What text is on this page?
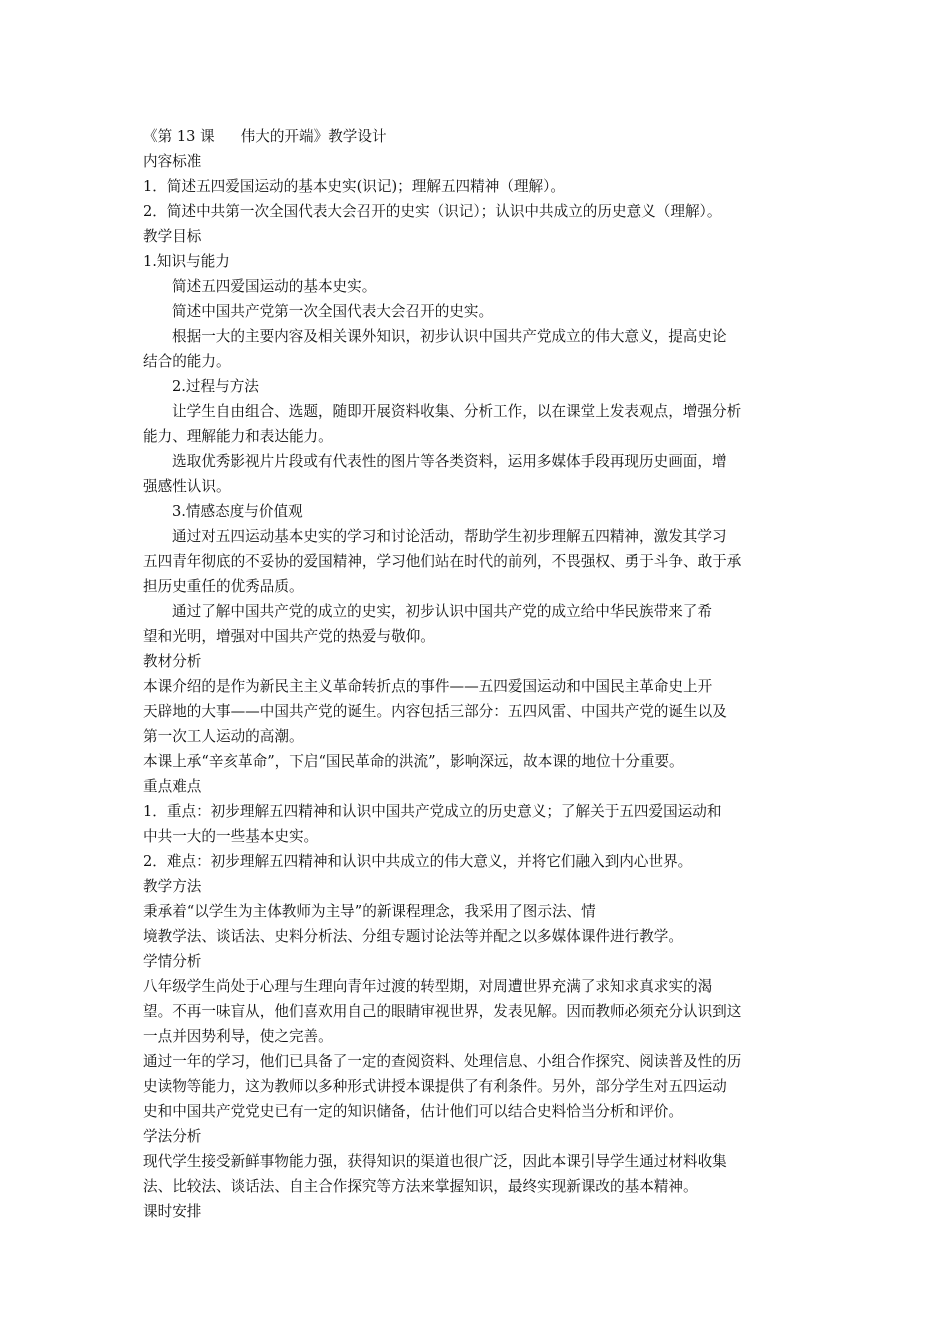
《第 13 课 伟大的开端》教学设计
内容标准
1．简述五四爱国运动的基本史实(识记)；理解五四精神（理解）。
2．简述中共第一次全国代表大会召开的史实（识记）；认识中共成立的历史意义（理解）。
教学目标
1.知识与能力
简述五四爱国运动的基本史实。
简述中国共产党第一次全国代表大会召开的史实。
根据一大的主要内容及相关课外知识，初步认识中国共产党成立的伟大意义，提高史论
结合的能力。
2.过程与方法
让学生自由组合、选题，随即开展资料收集、分析工作，以在课堂上发表观点，增强分析
能力、理解能力和表达能力。
选取优秀影视片片段或有代表性的图片等各类资料，运用多媒体手段再现历史画面，增
强感性认识。
3.情感态度与价值观
通过对五四运动基本史实的学习和讨论活动，帮助学生初步理解五四精神，激发其学习
五四青年彻底的不妥协的爱国精神，学习他们站在时代的前列，不畏强权、勇于斗争、敢于承
担历史重任的优秀品质。
通过了解中国共产党的成立的史实，初步认识中国共产党的成立给中华民族带来了希
望和光明，增强对中国共产党的热爱与敬仰。
教材分析
本课介绍的是作为新民主主义革命转折点的事件——五四爱国运动和中国民主革命史上开
天辟地的大事——中国共产党的诞生。内容包括三部分：五四风雷、中国共产党的诞生以及
第一次工人运动的高潮。
本课上承“辛亥革命”，下启“国民革命的洪流”，影响深远，故本课的地位十分重要。
重点难点
1．重点：初步理解五四精神和认识中国共产党成立的历史意义；了解关于五四爱国运动和
中共一大的一些基本史实。
2．难点：初步理解五四精神和认识中共成立的伟大意义，并将它们融入到内心世界。
教学方法
秉承着“以学生为主体教师为主导”的新课程理念，我采用了图示法、情
境教学法、谈话法、史料分析法、分组专题讨论法等并配之以多媒体课件进行教学。
学情分析
八年级学生尚处于心理与生理向青年过渡的转型期，对周遭世界充满了求知求真求实的渴
望。不再一味盲从，他们喜欢用自己的眼睛审视世界，发表见解。因而教师必须充分认识到这
一点并因势利导，使之完善。
通过一年的学习，他们已具备了一定的查阅资料、处理信息、小组合作探究、阅读普及性的历
史读物等能力，这为教师以多种形式讲授本课提供了有利条件。另外，部分学生对五四运动
史和中国共产党党史已有一定的知识储备，估计他们可以结合史料恰当分析和评价。
学法分析
现代学生接受新鲜事物能力强，获得知识的渠道也很广泛，因此本课引导学生通过材料收集
法、比较法、谈话法、自主合作探究等方法来掌握知识，最终实现新课改的基本精神。
课时安排
